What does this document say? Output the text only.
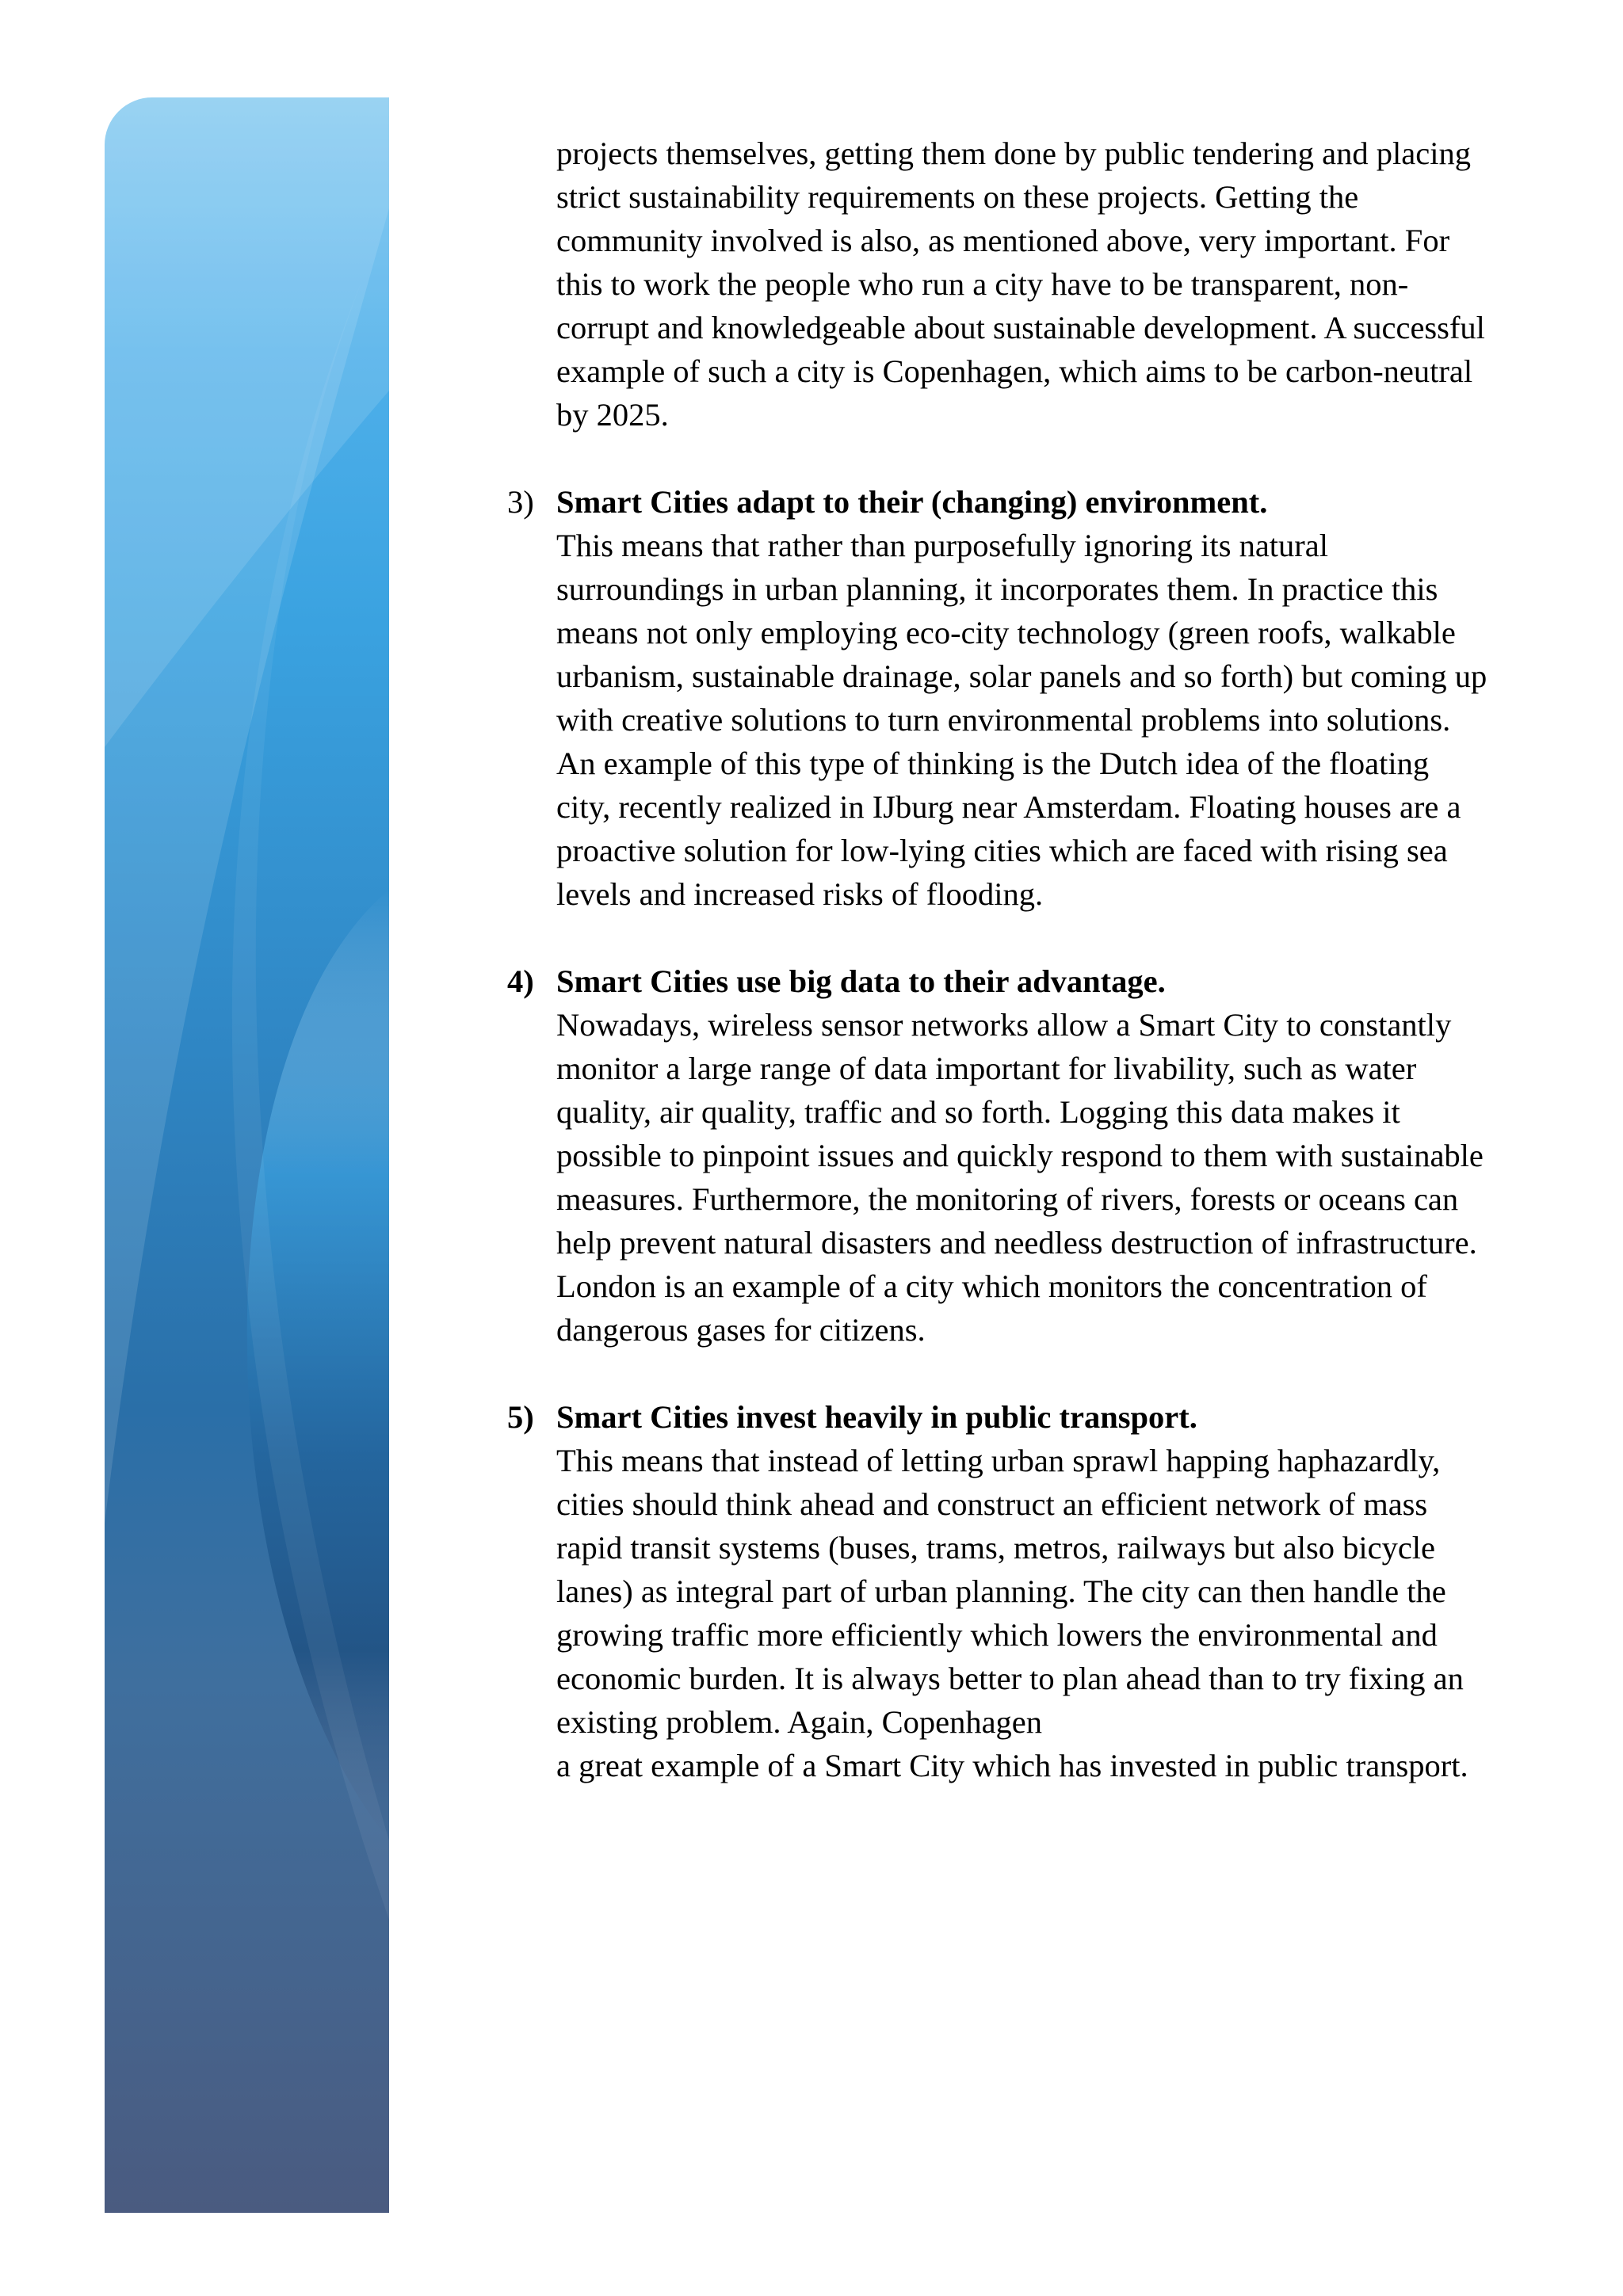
projects themselves, getting them done by public tendering and placing
strict sustainability requirements on these projects. Getting the
community involved is also, as mentioned above, very important. For
this to work the people who run a city have to be transparent, non-
corrupt and knowledgeable about sustainable development. A successful
example of such a city is Copenhagen, which aims to be carbon-neutral
by 2025.

3) Smart Cities adapt to their (changing) environment.
This means that rather than purposefully ignoring its natural
surroundings in urban planning, it incorporates them. In practice this
means not only employing eco-city technology (green roofs, walkable
urbanism, sustainable drainage, solar panels and so forth) but coming up
with creative solutions to turn environmental problems into solutions.
An example of this type of thinking is the Dutch idea of the floating
city, recently realized in IJburg near Amsterdam. Floating houses are a
proactive solution for low-lying cities which are faced with rising sea
levels and increased risks of flooding.
4) Smart Cities use big data to their advantage.
Nowadays, wireless sensor networks allow a Smart City to constantly
monitor a large range of data important for livability, such as water
quality, air quality, traffic and so forth. Logging this data makes it
possible to pinpoint issues and quickly respond to them with sustainable
measures. Furthermore, the monitoring of rivers, forests or oceans can
help prevent natural disasters and needless destruction of infrastructure.
London is an example of a city which monitors the concentration of
dangerous gases for citizens.
5) Smart Cities invest heavily in public transport.
This means that instead of letting urban sprawl happing haphazardly,
cities should think ahead and construct an efficient network of mass
rapid transit systems (buses, trams, metros, railways but also bicycle
lanes) as integral part of urban planning. The city can then handle the
growing traffic more efficiently which lowers the environmental and
economic burden. It is always better to plan ahead than to try fixing an
existing problem. Again, Copenhagen
a great example of a Smart City which has invested in public transport.
